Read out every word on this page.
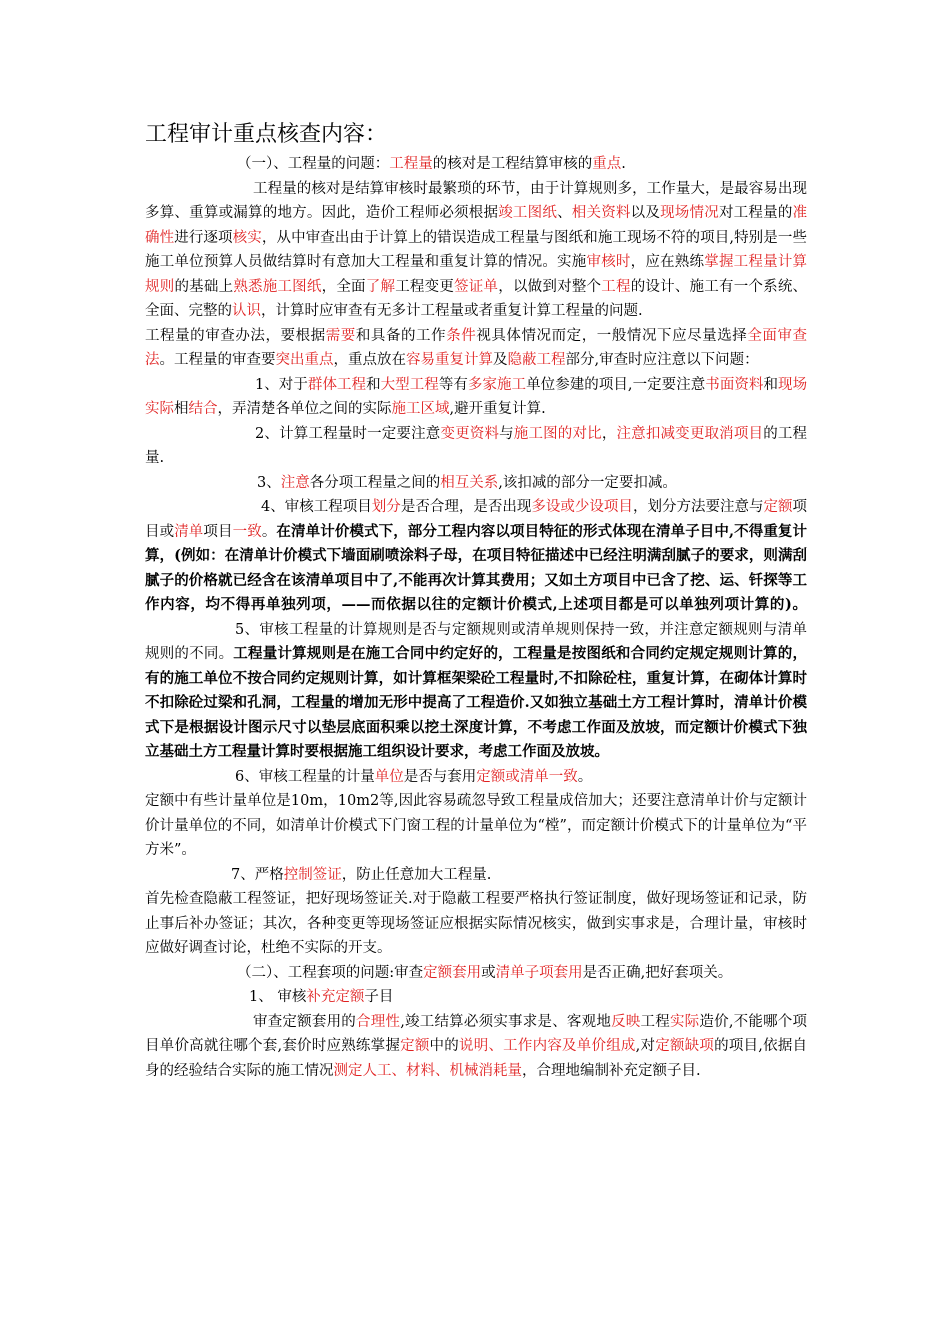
工程审计重点核查内容：

（一）、工程量的问题：工程量的核对是工程结算审核的重点.

工程量的核对是结算审核时最繁琐的环节，由于计算规则多，工作量大，是最容易出现多算、重算或漏算的地方。因此，造价工程师必须根据竣工图纸、相关资料以及现场情况对工程量的准确性进行逐项核实，从中审查出由于计算上的错误造成工程量与图纸和施工现场不符的项目,特别是一些施工单位预算人员做结算时有意加大工程量和重复计算的情况。实施审核时，应在熟练掌握工程量计算规则的基础上熟悉施工图纸，全面了解工程变更签证单，以做到对整个工程的设计、施工有一个系统、全面、完整的认识，计算时应审查有无多计工程量或者重复计算工程量的问题.

工程量的审查办法，要根据需要和具备的工作条件视具体情况而定，一般情况下应尽量选择全面审查法。工程量的审查要突出重点，重点放在容易重复计算及隐蔽工程部分,审查时应注意以下问题：

1、对于群体工程和大型工程等有多家施工单位参建的项目,一定要注意书面资料和现场实际相结合，弄清楚各单位之间的实际施工区域,避开重复计算.

2、计算工程量时一定要注意变更资料与施工图的对比，注意扣减变更取消项目的工程量.

3、注意各分项工程量之间的相互关系,该扣减的部分一定要扣减。

4、审核工程项目划分是否合理，是否出现多设或少设项目，划分方法要注意与定额项目或清单项目一致。在清单计价模式下，部分工程内容以项目特征的形式体现在清单子目中,不得重复计算，(例如：在清单计价模式下墙面刷喷涂料子母，在项目特征描述中已经注明满刮腻子的要求，则满刮腻子的价格就已经含在该清单项目中了,不能再次计算其费用；又如土方项目中已含了挖、运、钎探等工作内容，均不得再单独列项，——而依据以往的定额计价模式,上述项目都是可以单独列项计算的)。5、审核工程量的计算规则是否与定额规则或清单规则保持一致，并注意定额规则与清单规则的不同。工程量计算规则是在施工合同中约定好的，工程量是按图纸和合同约定规定规则计算的，有的施工单位不按合同约定规则计算，如计算框架梁砼工程量时,不扣除砼柱，重复计算，在砌体计算时不扣除砼过梁和孔洞，工程量的增加无形中提高了工程造价.又如独立基础土方工程计算时，清单计价模式下是根据设计图示尺寸以垫层底面积乘以挖土深度计算，不考虑工作面及放坡，而定额计价模式下独立基础土方工程量计算时要根据施工组织设计要求，考虑工作面及放坡。

6、审核工程量的计量单位是否与套用定额或清单一致。

定额中有些计量单位是10m，10m2等,因此容易疏忽导致工程量成倍加大；还要注意清单计价与定额计价计量单位的不同，如清单计价模式下门窗工程的计量单位为“樘”，而定额计价模式下的计量单位为“平方米”。

7、严格控制签证，防止任意加大工程量.

首先检查隐蔽工程签证，把好现场签证关.对于隐蔽工程要严格执行签证制度，做好现场签证和记录，防止事后补办签证；其次，各种变更等现场签证应根据实际情况核实，做到实事求是，合理计量，审核时应做好调查讨论，杜绝不实际的开支。

（二）、工程套项的问题:审查定额套用或清单子项套用是否正确,把好套项关。

1、 审核补充定额子目

审查定额套用的合理性,竣工结算必须实事求是、客观地反映工程实际造价,不能哪个项目单价高就往哪个套,套价时应熟练掌握定额中的说明、工作内容及单价组成,对定额缺项的项目,依据自身的经验结合实际的施工情况测定人工、材料、机械消耗量，合理地编制补充定额子目.
